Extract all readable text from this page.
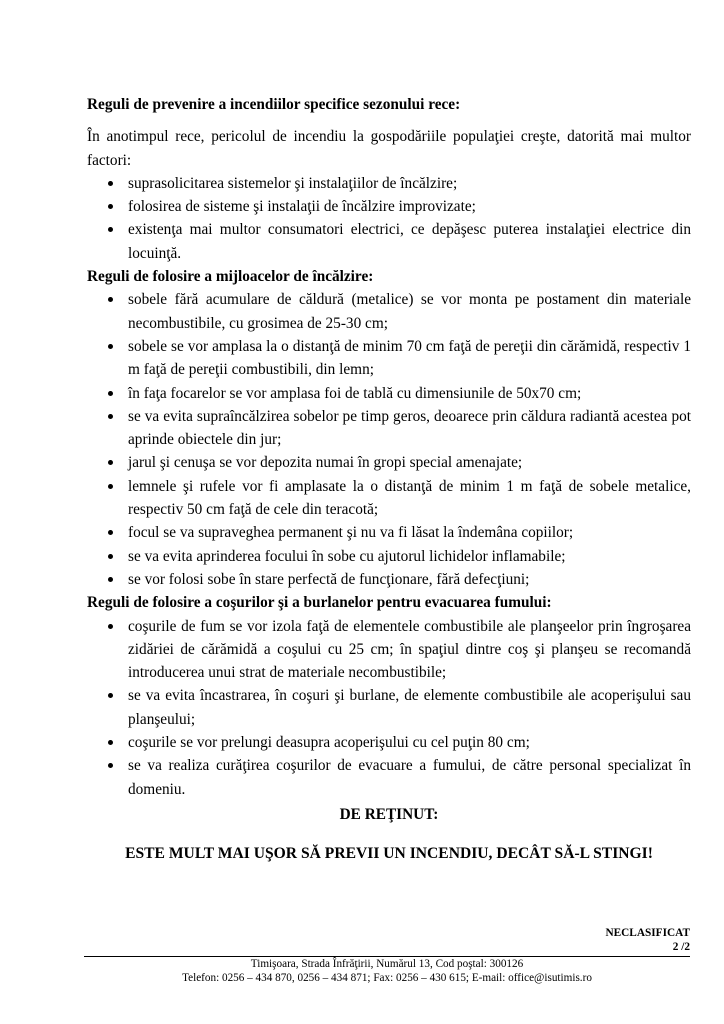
Reguli de prevenire a incendiilor specifice sezonului rece:
În anotimpul rece, pericolul de incendiu la gospodăriile populaţiei creşte, datorită mai multor factori:
suprasolicitarea sistemelor şi instalaţiilor de încălzire;
folosirea de sisteme şi instalaţii de încălzire improvizate;
existenţa mai multor consumatori electrici, ce depăşesc puterea instalaţiei electrice din locuinţă.
Reguli de folosire a mijloacelor de încălzire:
sobele fără acumulare de căldură (metalice) se vor monta pe postament din materiale necombustibile, cu grosimea de 25-30 cm;
sobele se vor amplasa la o distanţă de minim 70 cm faţă de pereţii din cărămidă, respectiv 1 m faţă de pereţii combustibili, din lemn;
în faţa focarelor se vor amplasa foi de tablă cu dimensiunile de 50x70 cm;
se va evita supraîncălzirea sobelor pe timp geros, deoarece prin căldura radiantă acestea pot aprinde obiectele din jur;
jarul şi cenuşa se vor depozita numai în gropi special amenajate;
lemnele şi rufele vor fi amplasate la o distanţă de minim 1 m faţă de sobele metalice, respectiv 50 cm faţă de cele din teracotă;
focul se va supraveghea permanent şi nu va fi lăsat la îndemâna copiilor;
se va evita aprinderea focului în sobe cu ajutorul lichidelor inflamabile;
se vor folosi sobe în stare perfectă de funcţionare, fără defecţiuni;
Reguli de folosire a coşurilor şi a burlanelor pentru evacuarea fumului:
coşurile de fum se vor izola faţă de elementele combustibile ale planşeelor prin îngroşarea zidăriei de cărămidă a coşului cu 25 cm; în spaţiul dintre coş şi planşeu se recomandă introducerea unui strat de materiale necombustibile;
se va evita încastrarea, în coşuri şi burlane, de elemente combustibile ale acoperişului sau planşeului;
coşurile se vor prelungi deasupra acoperişului cu cel puţin 80 cm;
se va realiza curăţirea coşurilor de evacuare a fumului, de către personal specializat în domeniu.
DE REŢINUT:
ESTE MULT MAI UŞOR SĂ PREVII UN INCENDIU, DECÂT SĂ-L STINGI!
NECLASIFICAT
2 /2
Timişoara, Strada Înfrăţirii, Numărul 13, Cod poştal: 300126
Telefon: 0256 – 434 870, 0256 – 434 871; Fax: 0256 – 430 615; E-mail: office@isutimis.ro
